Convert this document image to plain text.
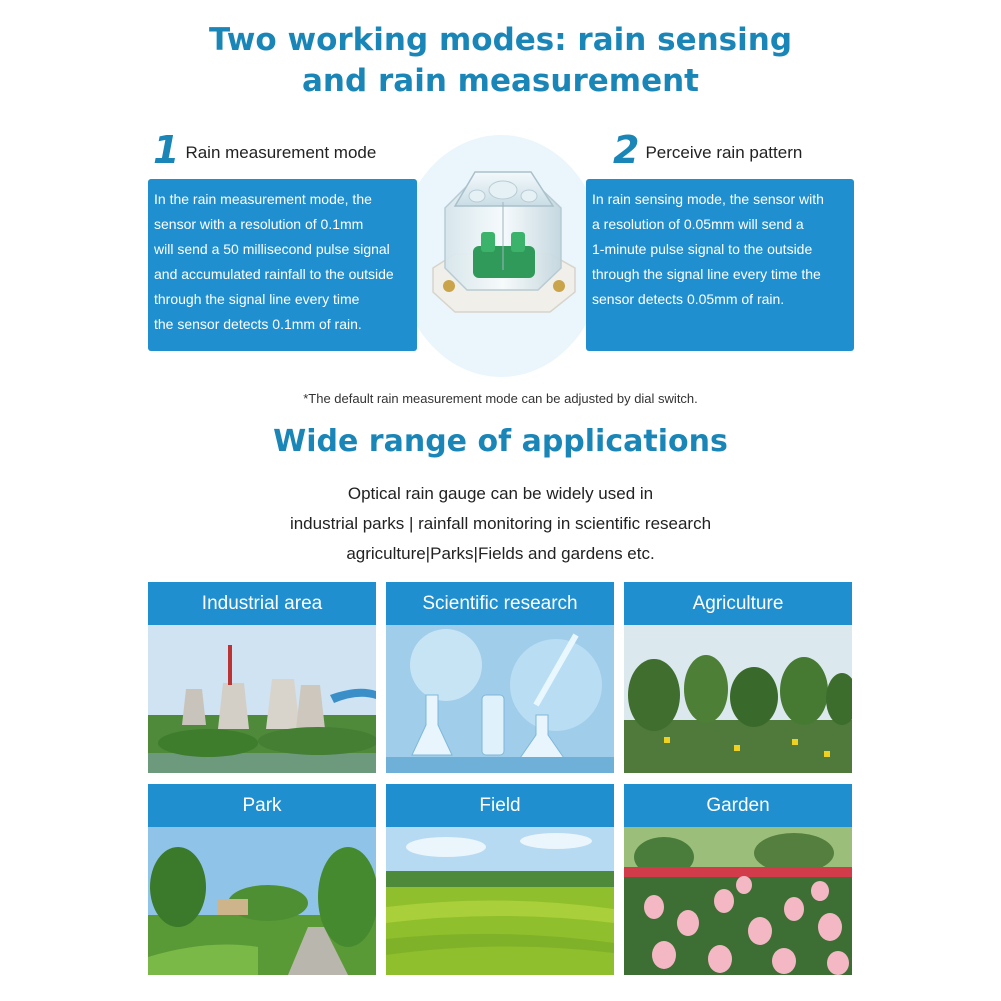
Two working modes: rain sensing
and rain measurement
1 Rain measurement mode	2 Perceive rain pattern

In the rain measurement mode, the

sensor with a resolution of 0.1mm

will send a 50 millisecond pulse signal

and accumulated rainfall to the outside

through the signal line every time

the sensor detects 0.1mm of rain.

In rain sensing mode, the sensor with

a resolution of 0.05mm will send a

1-minute pulse signal to the outside

through the signal line every time the

sensor detects 0.05mm of rain.

*The default rain measurement mode can be adjusted by dial switch.
Wide range of applications
Optical rain gauge can be widely used in
industrial parks | rainfall monitoring in scientific research
agriculture|Parks|Fields and gardens etc.
Industrial area	Scientific research	Agriculture
Park	Field	Garden
